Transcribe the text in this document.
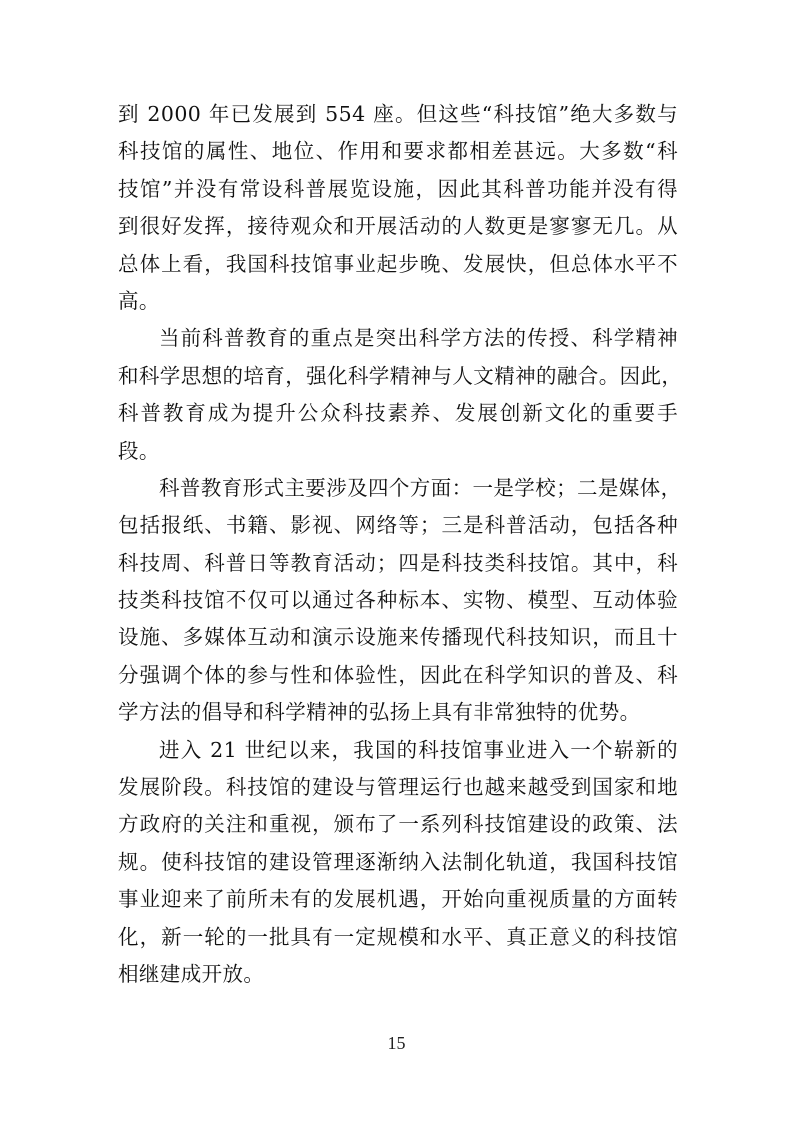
到 2000 年已发展到 554 座。但这些“科技馆”绝大多数与
科技馆的属性、地位、作用和要求都相差甚远。大多数“科
技馆”并没有常设科普展览设施，因此其科普功能并没有得
到很好发挥，接待观众和开展活动的人数更是寥寥无几。从
总体上看，我国科技馆事业起步晚、发展快，但总体水平不
高。
当前科普教育的重点是突出科学方法的传授、科学精神
和科学思想的培育，强化科学精神与人文精神的融合。因此，
科普教育成为提升公众科技素养、发展创新文化的重要手
段。
科普教育形式主要涉及四个方面：一是学校；二是媒体，
包括报纸、书籍、影视、网络等；三是科普活动，包括各种
科技周、科普日等教育活动；四是科技类科技馆。其中，科
技类科技馆不仅可以通过各种标本、实物、模型、互动体验
设施、多媒体互动和演示设施来传播现代科技知识，而且十
分强调个体的参与性和体验性，因此在科学知识的普及、科
学方法的倡导和科学精神的弘扬上具有非常独特的优势。
进入 21 世纪以来，我国的科技馆事业进入一个崭新的
发展阶段。科技馆的建设与管理运行也越来越受到国家和地
方政府的关注和重视，颁布了一系列科技馆建设的政策、法
规。使科技馆的建设管理逐渐纳入法制化轨道，我国科技馆
事业迎来了前所未有的发展机遇，开始向重视质量的方面转
化，新一轮的一批具有一定规模和水平、真正意义的科技馆
相继建成开放。
15
